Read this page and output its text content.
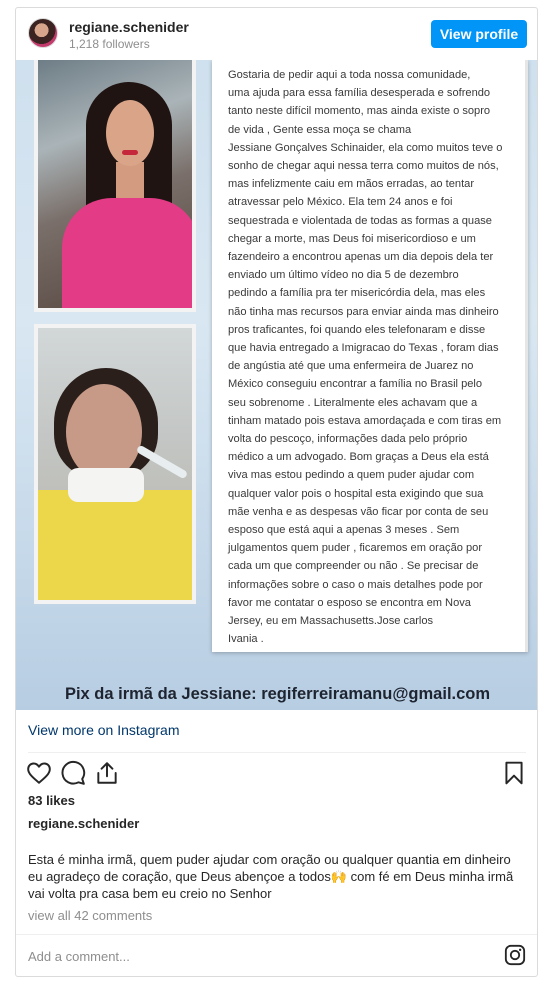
regiane.schenider
1,218 followers
View profile
Gostaria de pedir aqui a toda nossa comunidade,
uma ajuda para essa família desesperada e sofrendo
tanto neste difícil momento, mas ainda existe o sopro
de vida , Gente essa moça se chama
Jessiane Gonçalves Schinaider, ela como muitos teve o
sonho de chegar aqui nessa terra como muitos de nós,
mas infelizmente caiu em mãos erradas, ao tentar
atravessar pelo México. Ela tem 24 anos e foi
sequestrada e violentada de todas as formas a quase
chegar a morte, mas Deus foi misericordioso e um
fazendeiro a encontrou apenas um dia depois dela ter
enviado um último vídeo no dia 5 de dezembro
pedindo a família pra ter misericórdia dela, mas eles
não tinha mas recursos para enviar ainda mas dinheiro
pros traficantes, foi quando eles telefonaram e disse
que havia entregado a Imigracao do Texas , foram dias
de angústia até que uma enfermeira de Juarez no
México conseguiu encontrar a família no Brasil pelo
seu sobrenome . Literalmente eles achavam que a
tinham matado pois estava amordaçada e com tiras em
volta do pescoço, informações dada pelo próprio
médico a um advogado. Bom graças a Deus ela está
viva mas estou pedindo a quem puder ajudar com
qualquer valor pois o hospital esta exigindo que sua
mãe venha e as despesas vão ficar por conta de seu
esposo que está aqui a apenas 3 meses . Sem
julgamentos quem puder , ficaremos em oração por
cada um que compreender ou não . Se precisar de
informações sobre o caso o mais detalhes pode por
favor me contatar o esposo se encontra em Nova
Jersey, eu em Massachusetts.Jose carlos
Ivania .
Pix da irmã da Jessiane: regiferreiramanu@gmail.com
View more on Instagram
83 likes
regiane.schenider
Esta é minha irmã, quem puder ajudar com oração ou qualquer quantia em dinheiro eu agradeço de coração, que Deus abençoe a todos🙌 com fé em Deus minha irmã vai volta pra casa bem eu creio no Senhor
view all 42 comments
Add a comment...
